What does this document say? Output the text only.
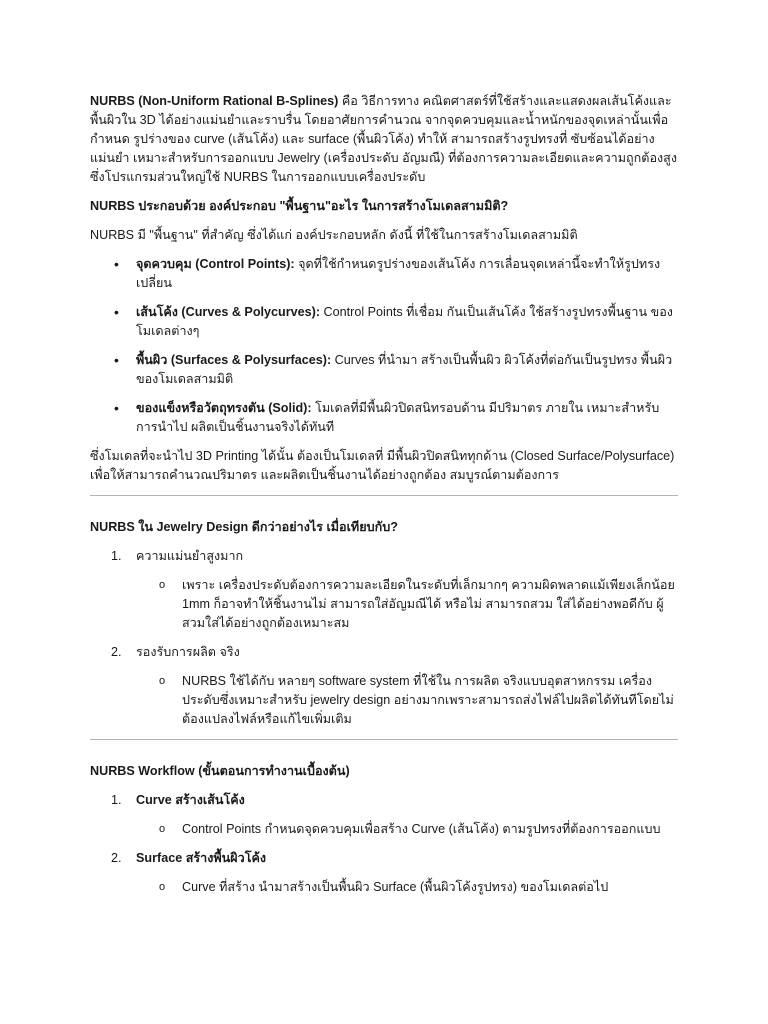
NURBS (Non-Uniform Rational B-Splines) คือ วิธีการทาง คณิตศาสตร์ที่ใช้สร้างและแสดงผลเส้นโค้งและพื้นผิวใน 3D ได้อย่างแม่นยำและราบรื่น โดยอาศัยการคำนวณ จากจุดควบคุมและน้ำหนักของจุดเหล่านั้นเพื่อกำหนด รูปร่างของ curve (เส้นโค้ง) และ surface (พื้นผิวโค้ง) ทำให้ สามารถสร้างรูปทรงที่ ซับซ้อนได้อย่างแม่นยำ เหมาะสำหรับการออกแบบ Jewelry (เครื่องประดับ อัญมณี) ที่ต้องการความละเอียดและความถูกต้องสูง ซึ่งโปรแกรมส่วนใหญ่ใช้ NURBS ในการออกแบบเครื่องประดับ

NURBS ประกอบด้วย องค์ประกอบ "พื้นฐาน"อะไร ในการสร้างโมเดลสามมิติ?

NURBS มี "พื้นฐาน" ที่สำคัญ ซึ่งได้แก่ องค์ประกอบหลัก ดังนี้ ที่ใช้ในการสร้างโมเดลสามมิติ

• จุดควบคุม (Control Points): จุดที่ใช้กำหนดรูปร่างของเส้นโค้ง การเลื่อนจุดเหล่านี้จะทำให้รูปทรง เปลี่ยน
• เส้นโค้ง (Curves & Polycurves): Control Points ที่เชื่อม กันเป็นเส้นโค้ง ใช้สร้างรูปทรงพื้นฐาน ของโมเดลต่างๆ
• พื้นผิว (Surfaces & Polysurfaces): Curves ที่นำมา สร้างเป็นพื้นผิว ผิวโค้งที่ต่อกันเป็นรูปทรง พื้นผิวของโมเดลสามมิติ
• ของแข็งหรือวัตถุทรงตัน (Solid): โมเดลที่มีพื้นผิวปิดสนิทรอบด้าน มีปริมาตร ภายใน เหมาะสำหรับการนำไป ผลิตเป็นชิ้นงานจริงได้ทันที

ซึ่งโมเดลที่จะนำไป 3D Printing ได้นั้น ต้องเป็นโมเดลที่ มีพื้นผิวปิดสนิททุกด้าน (Closed Surface/Polysurface) เพื่อให้สามารถคำนวณปริมาตร และผลิตเป็นชิ้นงานได้อย่างถูกต้อง สมบูรณ์ตามต้องการ

NURBS ใน Jewelry Design ดีกว่าอย่างไร เมื่อเทียบกับ?

1. ความแม่นยำสูงมาก
o เพราะ เครื่องประดับต้องการความละเอียดในระดับที่เล็กมากๆ ความผิดพลาดแม้เพียงเล็กน้อย 1mm ก็อาจทำให้ชิ้นงานไม่ สามารถใส่อัญมณีได้ หรือไม่ สามารถสวม ใส่ได้อย่างพอดีกับ ผู้สวมใส่ได้อย่างถูกต้องเหมาะสม
2. รองรับการผลิต จริง
o NURBS ใช้ได้กับ หลายๆ software system ที่ใช้ใน การผลิต จริงแบบอุตสาหกรรม เครื่องประดับซึ่งเหมาะสำหรับ jewelry design อย่างมากเพราะสามารถส่งไฟล์ไปผลิตได้ทันทีโดยไม่ต้องแปลงไฟล์หรือแก้ไขเพิ่มเติม

NURBS Workflow (ขั้นตอนการทำงานเบื้องต้น)

1. Curve สร้างเส้นโค้ง
o Control Points กำหนดจุดควบคุมเพื่อสร้าง Curve (เส้นโค้ง) ตามรูปทรงที่ต้องการออกแบบ
2. Surface สร้างพื้นผิวโค้ง
o Curve ที่สร้าง นำมาสร้างเป็นพื้นผิว Surface (พื้นผิวโค้งรูปทรง) ของโมเดลต่อไป
